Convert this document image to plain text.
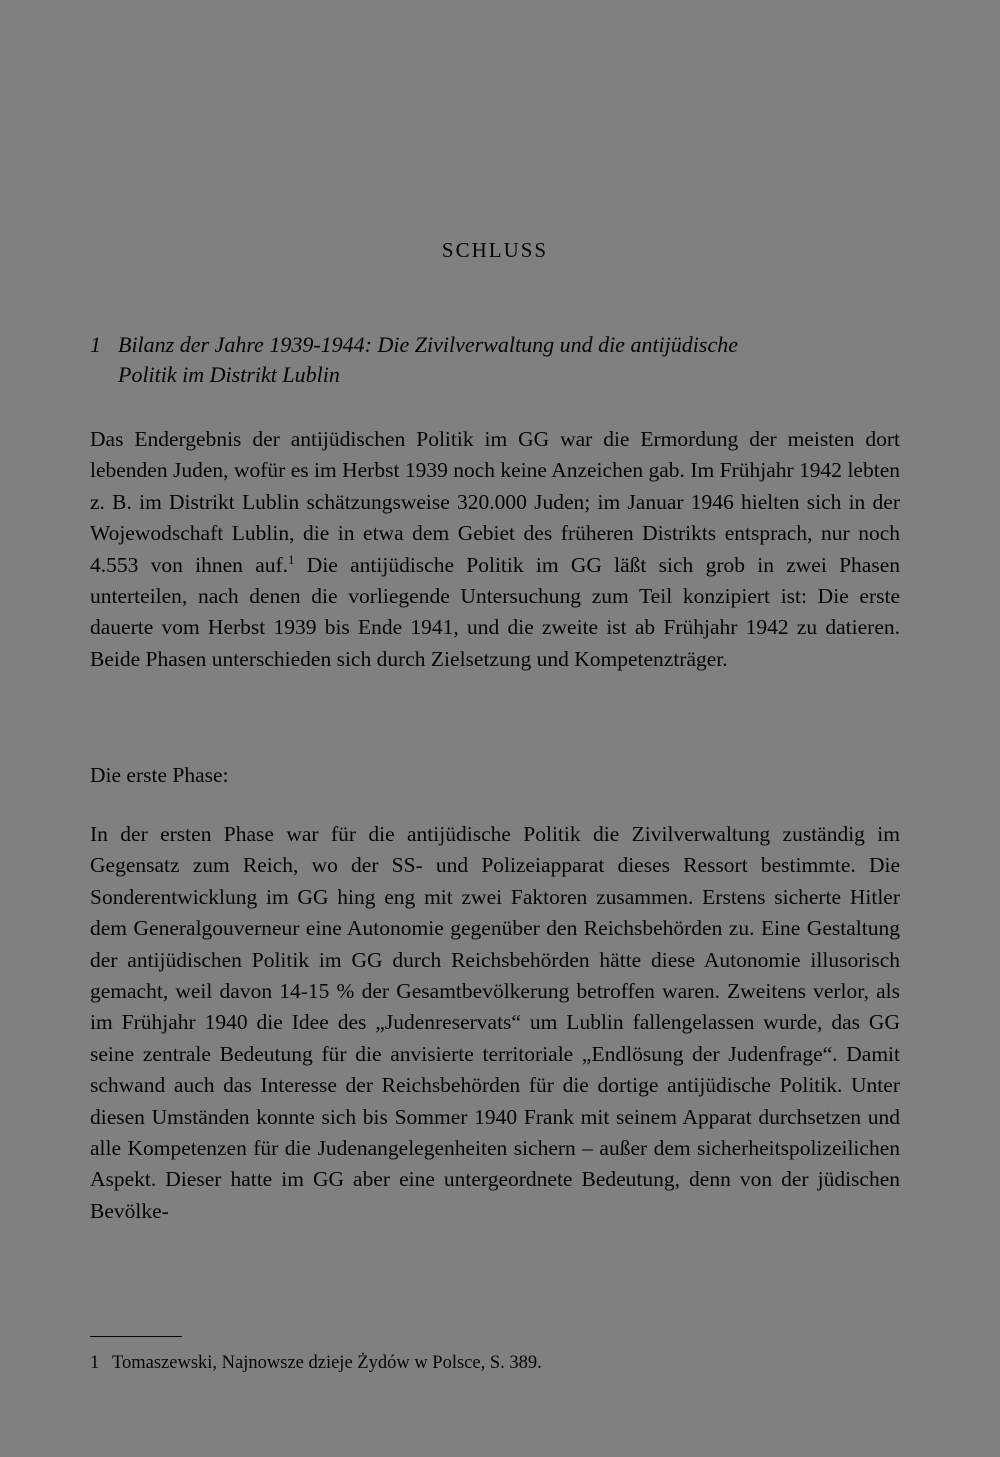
SCHLUSS
1 Bilanz der Jahre 1939-1944: Die Zivilverwaltung und die antijüdische
Politik im Distrikt Lublin

Das Endergebnis der antijüdischen Politik im GG war die Ermordung der meisten dort lebenden Juden, wofür es im Herbst 1939 noch keine Anzeichen gab. Im Frühjahr 1942 lebten z. B. im Distrikt Lublin schätzungsweise 320.000 Juden; im Januar 1946 hielten sich in der Wojewodschaft Lublin, die in etwa dem Gebiet des früheren Distrikts entsprach, nur noch 4.553 von ihnen auf.$^1$ Die antijüdische Politik im GG läßt sich grob in zwei Phasen unterteilen, nach denen die vorliegende Untersuchung zum Teil konzipiert ist: Die erste dauerte vom Herbst 1939 bis Ende 1941, und die zweite ist ab Frühjahr 1942 zu datieren. Beide Phasen unterschieden sich durch Zielsetzung und Kompetenzträger.

Die erste Phase:

In der ersten Phase war für die antijüdische Politik die Zivilverwaltung zuständig im Gegensatz zum Reich, wo der SS- und Polizeiapparat dieses Ressort bestimmte. Die Sonderentwicklung im GG hing eng mit zwei Faktoren zusammen. Erstens sicherte Hitler dem Generalgouverneur eine Autonomie gegenüber den Reichsbehörden zu. Eine Gestaltung der antijüdischen Politik im GG durch Reichsbehörden hätte diese Autonomie illusorisch gemacht, weil davon 14-15 % der Gesamtbevölkerung betroffen waren. Zweitens verlor, als im Frühjahr 1940 die Idee des „Judenreservats“ um Lublin fallengelassen wurde, das GG seine zentrale Bedeutung für die anvisierte territoriale „Endlösung der Judenfrage“. Damit schwand auch das Interesse der Reichsbehörden für die dortige antijüdische Politik. Unter diesen Umständen konnte sich bis Sommer 1940 Frank mit seinem Apparat durchsetzen und alle Kompetenzen für die Judenangelegenheiten sichern – außer dem sicherheitspolizeilichen Aspekt. Dieser hatte im GG aber eine untergeordnete Bedeutung, denn von der jüdischen Bevölke-

1 Tomaszewski, Najnowsze dzieje Żydów w Polsce, S. 389.
